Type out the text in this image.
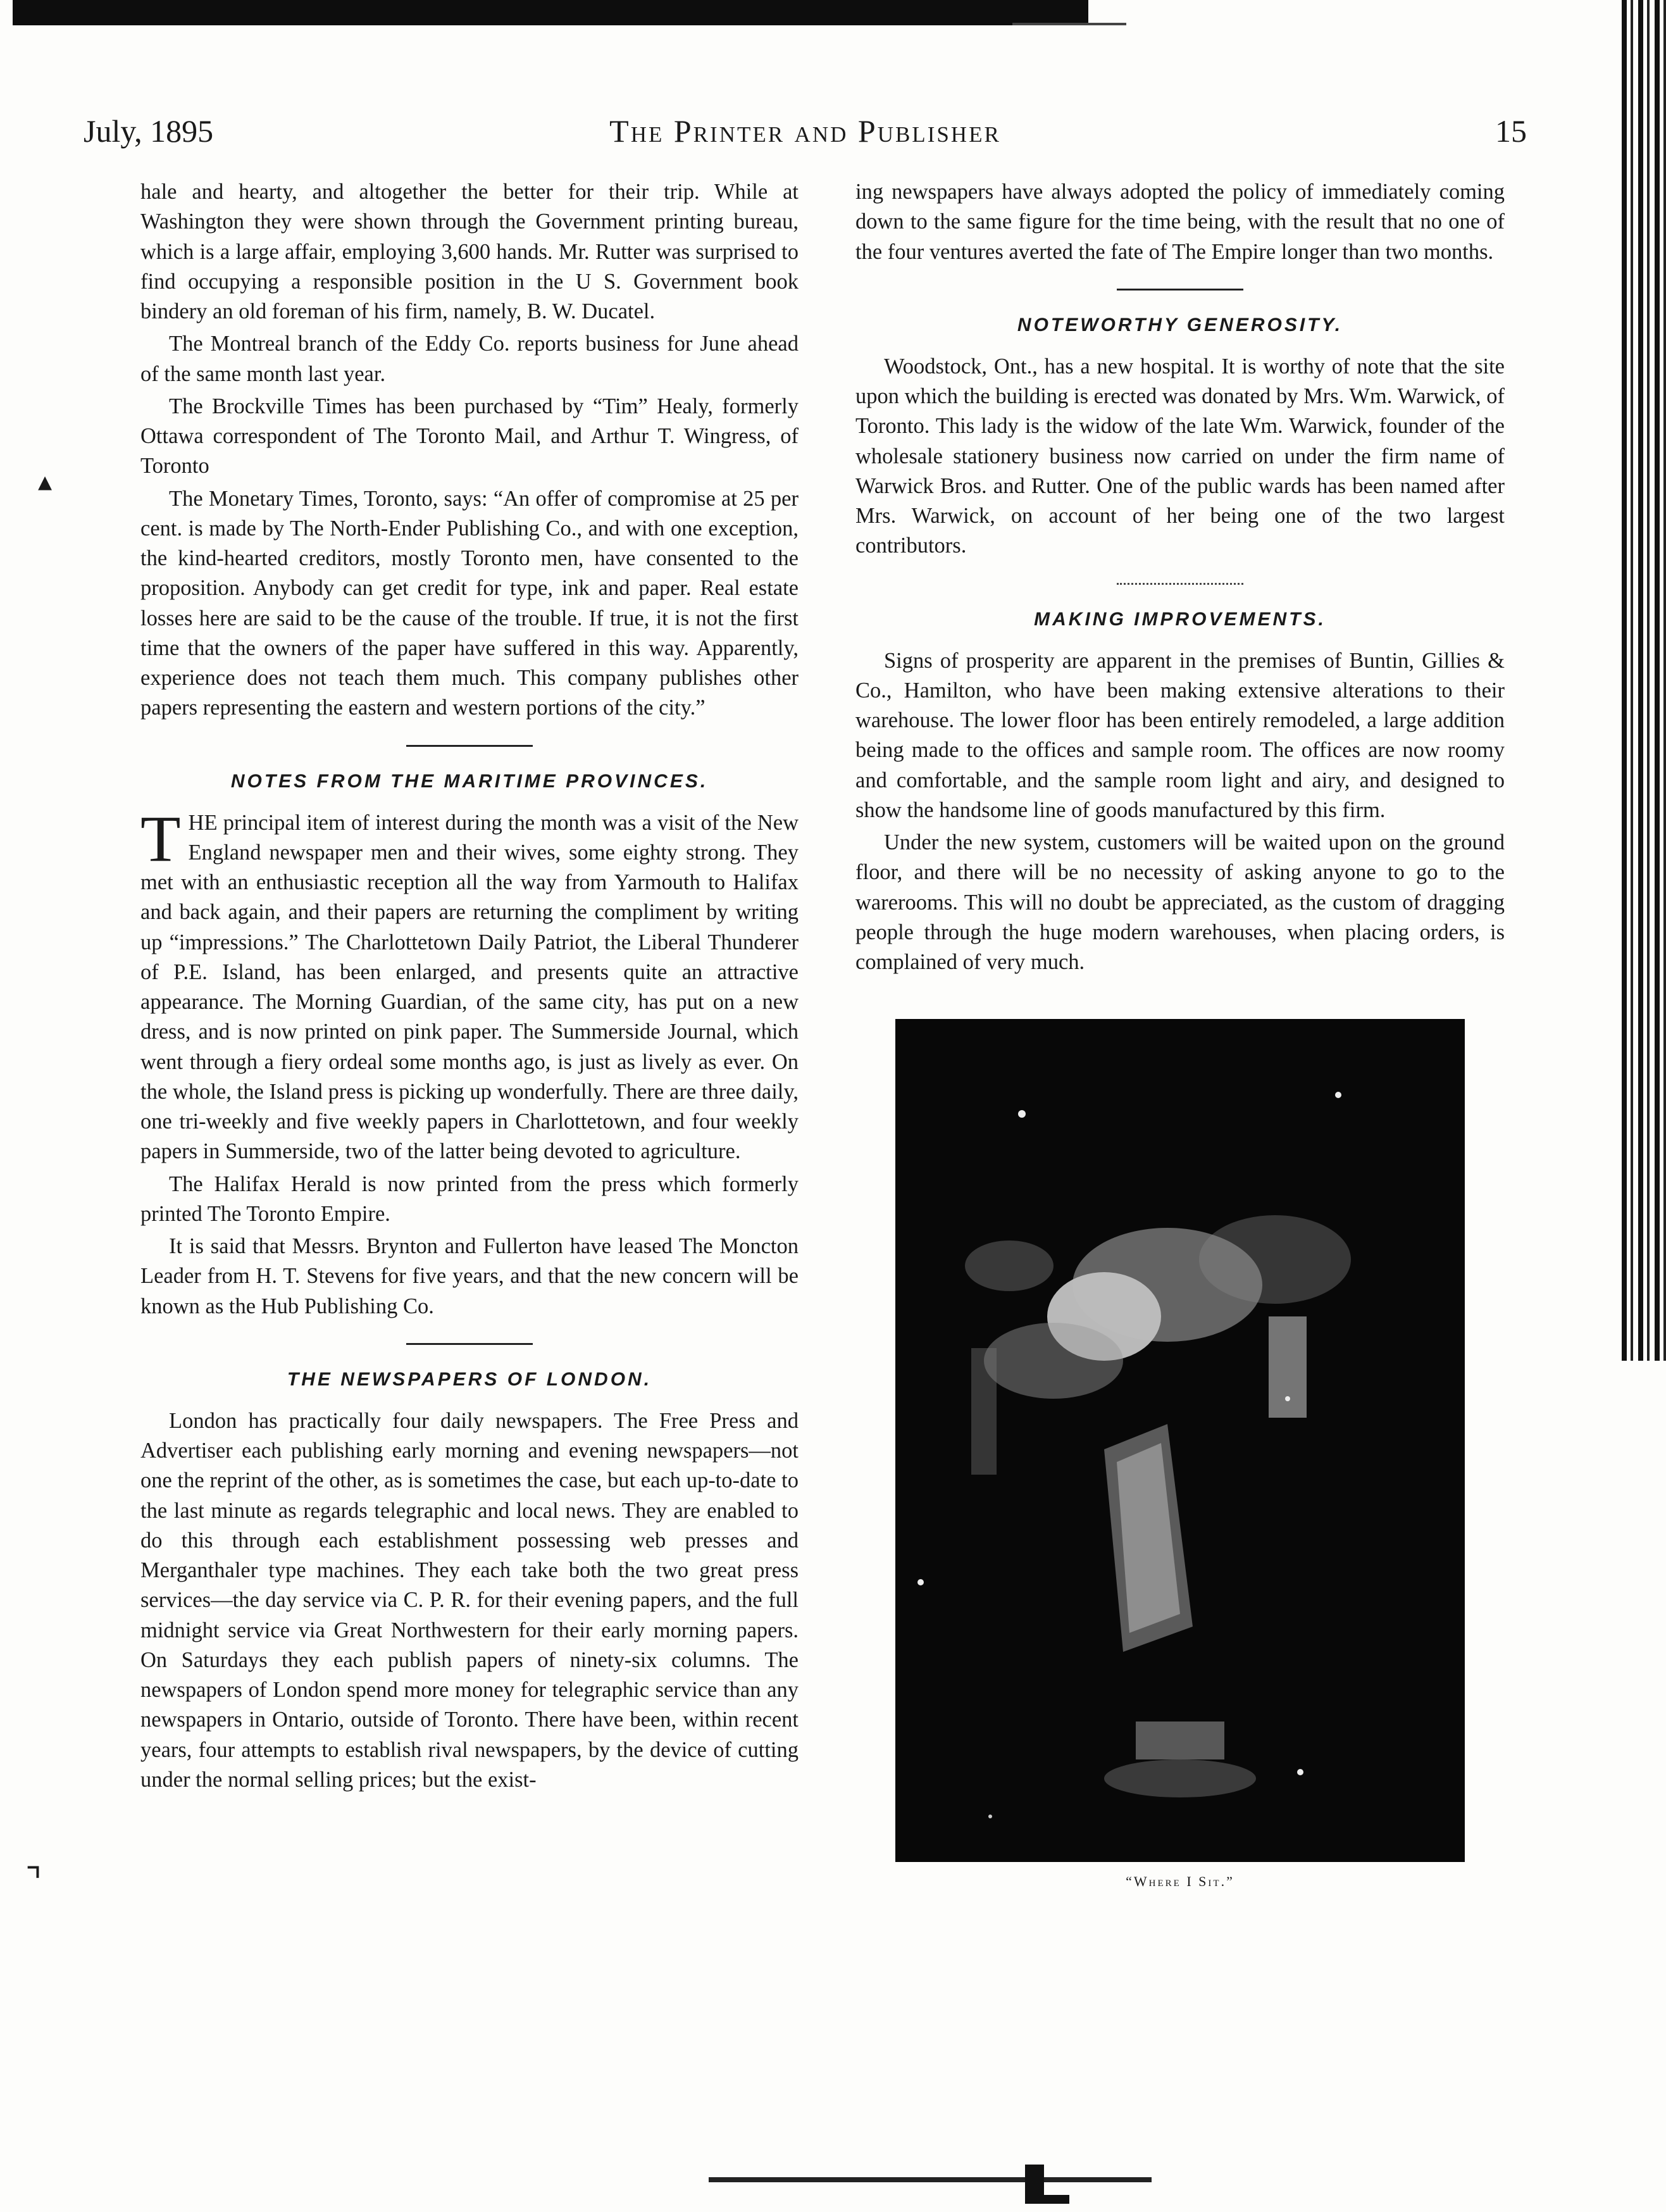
▴
⌝
July, 1895	The Printer and Publisher	15

hale and hearty, and altogether the better for their trip. While at Washington they were shown through the Government printing bureau, which is a large affair, employing 3,600 hands. Mr. Rutter was surprised to find occupying a responsible position in the U S. Government book bindery an old foreman of his firm, namely, B. W. Ducatel.

The Montreal branch of the Eddy Co. reports business for June ahead of the same month last year.

The Brockville Times has been purchased by “Tim” Healy, formerly Ottawa correspondent of The Toronto Mail, and Arthur T. Wingress, of Toronto

The Monetary Times, Toronto, says: “An offer of compromise at 25 per cent. is made by The North-Ender Publishing Co., and with one exception, the kind-hearted creditors, mostly Toronto men, have consented to the proposition. Anybody can get credit for type, ink and paper. Real estate losses here are said to be the cause of the trouble. If true, it is not the first time that the owners of the paper have suffered in this way. Apparently, experience does not teach them much. This company publishes other papers representing the eastern and western portions of the city.”

NOTES FROM THE MARITIME PROVINCES.

THE principal item of interest during the month was a visit of the New England newspaper men and their wives, some eighty strong. They met with an enthusiastic reception all the way from Yarmouth to Halifax and back again, and their papers are returning the compliment by writing up “impressions.” The Charlottetown Daily Patriot, the Liberal Thunderer of P.E. Island, has been enlarged, and presents quite an attractive appearance. The Morning Guardian, of the same city, has put on a new dress, and is now printed on pink paper. The Summerside Journal, which went through a fiery ordeal some months ago, is just as lively as ever. On the whole, the Island press is picking up wonderfully. There are three daily, one tri-weekly and five weekly papers in Charlottetown, and four weekly papers in Summerside, two of the latter being devoted to agriculture.

The Halifax Herald is now printed from the press which formerly printed The Toronto Empire.

It is said that Messrs. Brynton and Fullerton have leased The Moncton Leader from H. T. Stevens for five years, and that the new concern will be known as the Hub Publishing Co.

THE NEWSPAPERS OF LONDON.

London has practically four daily newspapers. The Free Press and Advertiser each publishing early morning and evening newspapers—not one the reprint of the other, as is sometimes the case, but each up-to-date to the last minute as regards telegraphic and local news. They are enabled to do this through each establishment possessing web presses and Merganthaler type machines. They each take both the two great press services—the day service via C. P. R. for their evening papers, and the full midnight service via Great Northwestern for their early morning papers. On Saturdays they each publish papers of ninety-six columns. The newspapers of London spend more money for telegraphic service than any newspapers in Ontario, outside of Toronto. There have been, within recent years, four attempts to establish rival newspapers, by the device of cutting under the normal selling prices; but the exist-

ing newspapers have always adopted the policy of immediately coming down to the same figure for the time being, with the result that no one of the four ventures averted the fate of The Empire longer than two months.

NOTEWORTHY GENEROSITY.

Woodstock, Ont., has a new hospital. It is worthy of note that the site upon which the building is erected was donated by Mrs. Wm. Warwick, of Toronto. This lady is the widow of the late Wm. Warwick, founder of the wholesale stationery business now carried on under the firm name of Warwick Bros. and Rutter. One of the public wards has been named after Mrs. Warwick, on account of her being one of the two largest contributors.

MAKING IMPROVEMENTS.

Signs of prosperity are apparent in the premises of Buntin, Gillies & Co., Hamilton, who have been making extensive alterations to their warehouse. The lower floor has been entirely remodeled, a large addition being made to the offices and sample room. The offices are now roomy and comfortable, and the sample room light and airy, and designed to show the handsome line of goods manufactured by this firm.

Under the new system, customers will be waited upon on the ground floor, and there will be no necessity of asking anyone to go to the warerooms. This will no doubt be appreciated, as the custom of dragging people through the huge modern warehouses, when placing orders, is complained of very much.

“Where I Sit.”
